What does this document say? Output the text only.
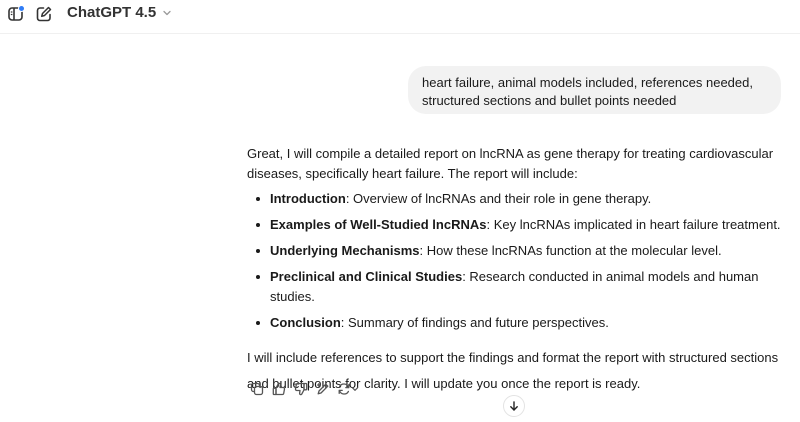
ChatGPT 4.5
heart failure, animal models included, references needed,
structured sections and bullet points needed

Great, I will compile a detailed report on lncRNA as gene therapy for treating cardiovascular diseases, specifically heart failure. The report will include:

Introduction: Overview of lncRNAs and their role in gene therapy.
Examples of Well-Studied lncRNAs: Key lncRNAs implicated in heart failure treatment.
Underlying Mechanisms: How these lncRNAs function at the molecular level.
Preclinical and Clinical Studies: Research conducted in animal models and human studies.
Conclusion: Summary of findings and future perspectives.

I will include references to support the findings and format the report with structured sections and bullet points for clarity. I will update you once the report is ready.
